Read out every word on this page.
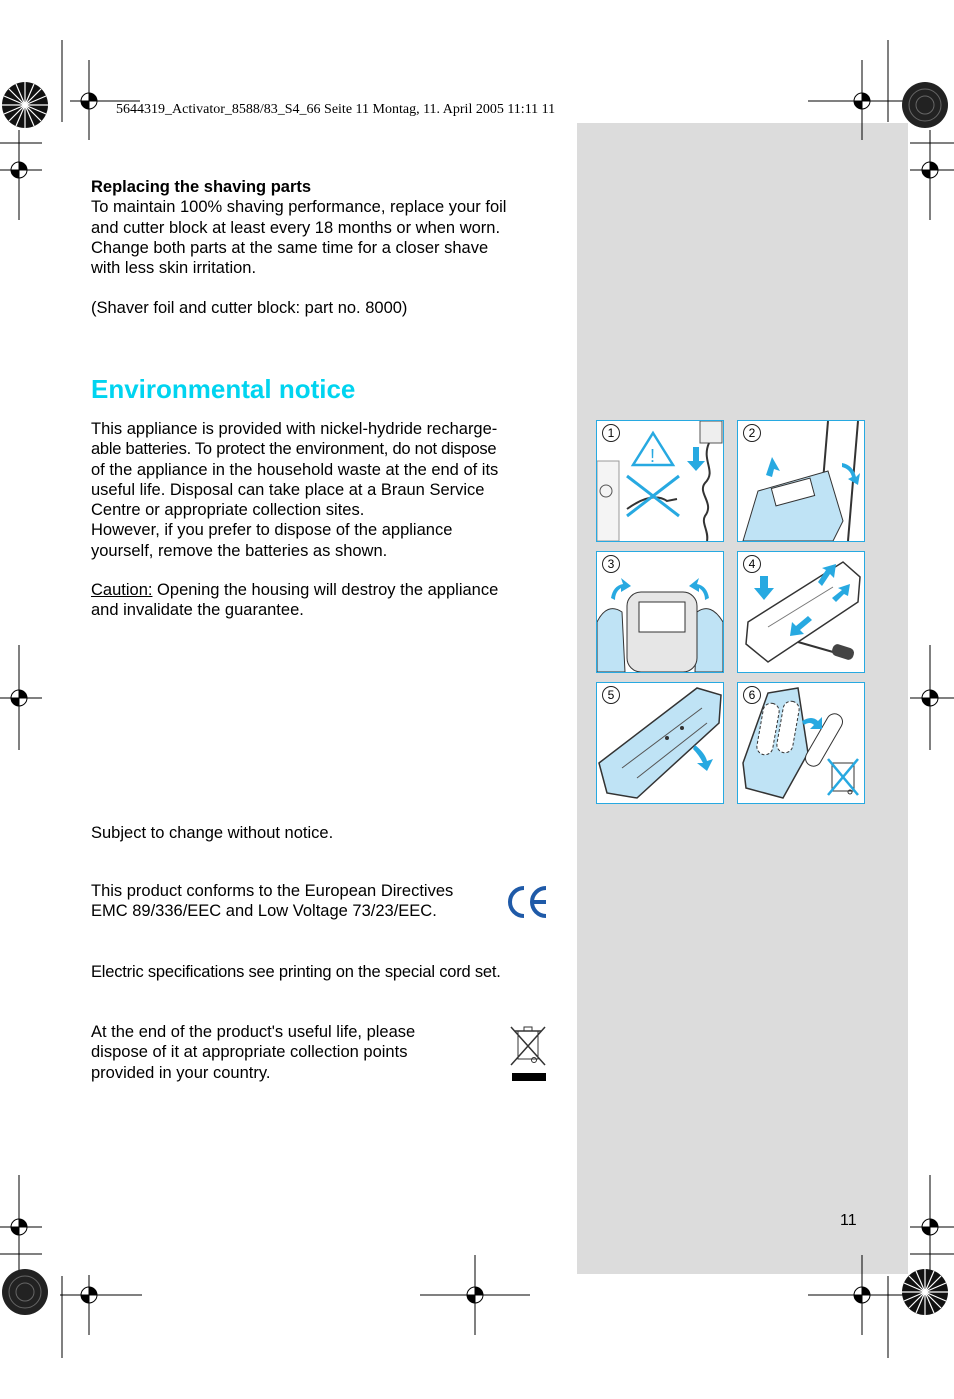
5644319_Activator_8588/83_S4_66 Seite 11 Montag, 11. April 2005 11:11 11
Replacing the shaving parts
To maintain 100% shaving performance, replace your foil
and cutter block at least every 18 months or when worn.
Change both parts at the same time for a closer shave
with less skin irritation.
(Shaver foil and cutter block: part no. 8000)
Environmental notice
This appliance is provided with nickel-hydride recharge-
able batteries. To protect the environment, do not dispose
of the appliance in the household waste at the end of its
useful life. Disposal can take place at a Braun Service
Centre or appropriate collection sites.
However, if you prefer to dispose of the appliance
yourself, remove the batteries as shown.
Caution: Opening the housing will destroy the appliance
and invalidate the guarantee.
!
1	2
3	4
5	6
Subject to change without notice.
This product conforms to the European Directives
EMC 89/336/EEC and Low Voltage 73/23/EEC.
Electric specifications see printing on the special cord set.
At the end of the product's useful life, please
dispose of it at appropriate collection points
provided in your country.
11
